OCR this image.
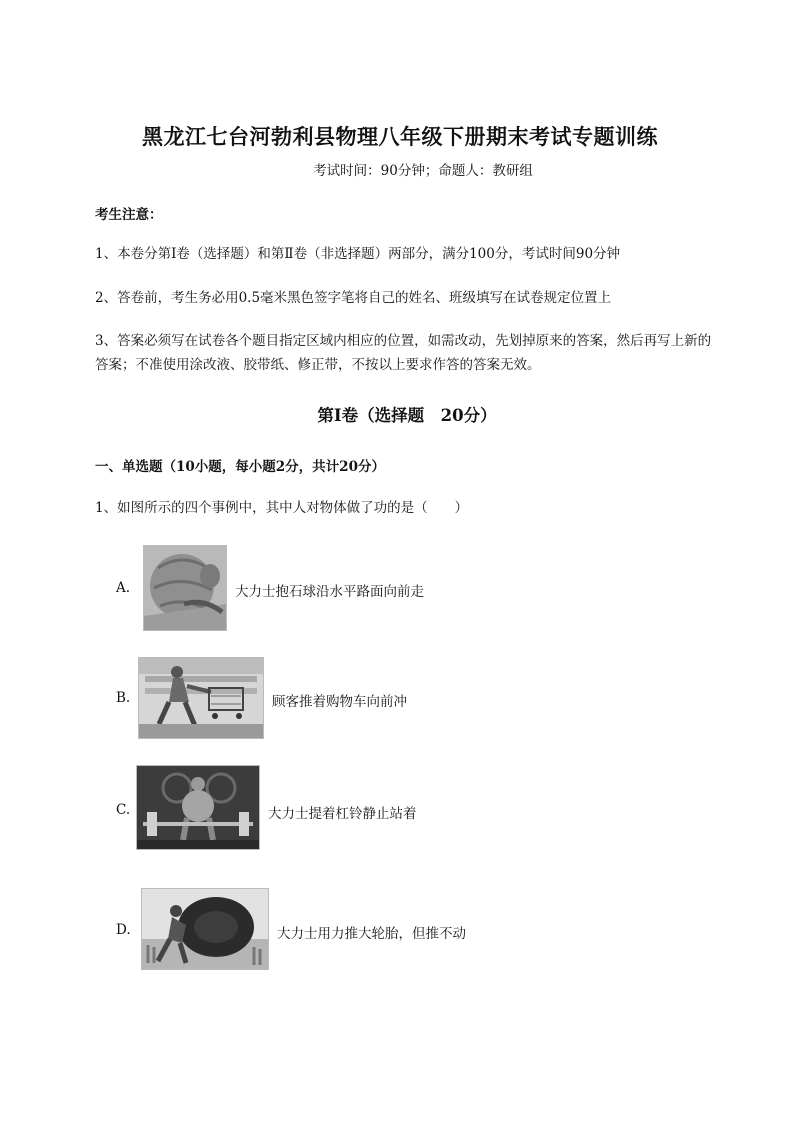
黑龙江七台河勃利县物理八年级下册期末考试专题训练
考试时间：90分钟；命题人：教研组
考生注意：
1、本卷分第I卷（选择题）和第Ⅱ卷（非选择题）两部分，满分100分，考试时间90分钟
2、答卷前，考生务必用0.5毫米黑色签字笔将自己的姓名、班级填写在试卷规定位置上
3、答案必须写在试卷各个题目指定区域内相应的位置，如需改动，先划掉原来的答案，然后再写上新的答案；不准使用涂改液、胶带纸、修正带，不按以上要求作答的答案无效。
第I卷（选择题　20分）
一、单选题（10小题，每小题2分，共计20分）
1、如图所示的四个事例中，其中人对物体做了功的是（　　）
A.	大力士抱石球沿水平路面向前走
B.	顾客推着购物车向前冲
C.	大力士提着杠铃静止站着
D.	大力士用力推大轮胎，但推不动
